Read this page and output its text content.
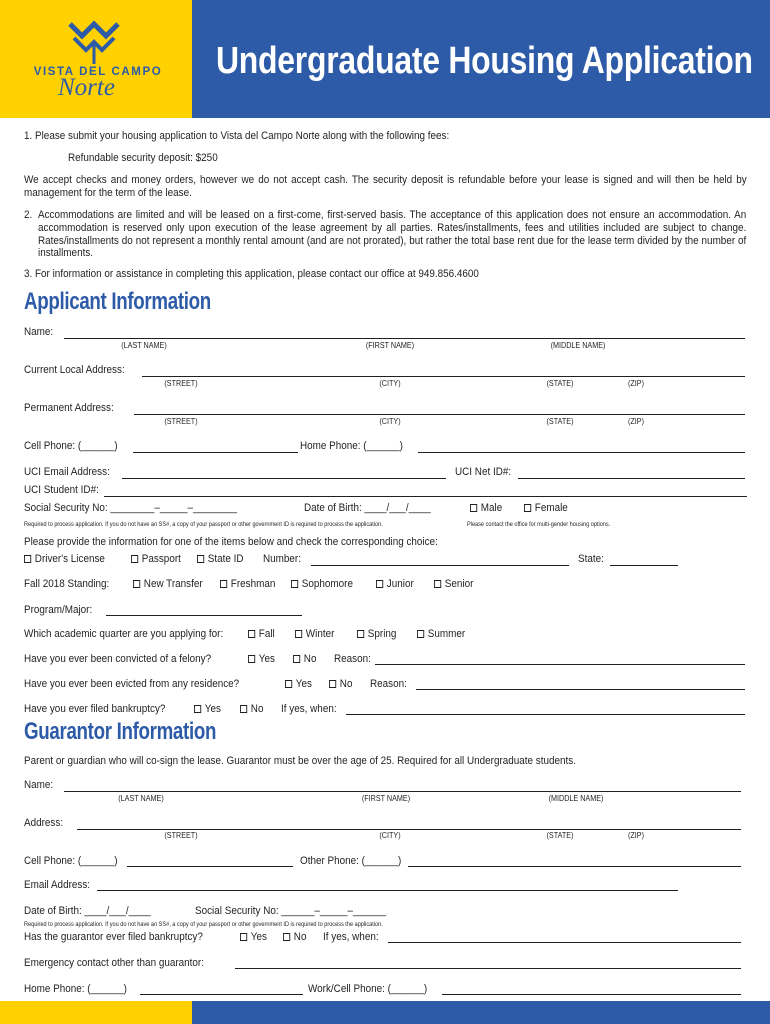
VISTA DEL CAMPO
Norte
Undergraduate Housing Application
1. Please submit your housing application to Vista del Campo Norte along with the following fees:
Refundable security deposit: $250
We accept checks and money orders, however we do not accept cash. The security deposit is refundable before your lease is signed and will then be held by management for the term of the lease.
2. Accommodations are limited and will be leased on a first-come, first-served basis. The acceptance of this application does not ensure an accommodation. An accommodation is reserved only upon execution of the lease agreement by all parties. Rates/installments, fees and utilities included are subject to change. Rates/installments do not represent a monthly rental amount (and are not prorated), but rather the total base rent due for the lease term divided by the number of installments.
3. For information or assistance in completing this application, please contact our office at 949.856.4600
Applicant Information
Name:
(LAST NAME)	(FIRST NAME)	(MIDDLE NAME)
Current Local Address:
(STREET)	(CITY)	(STATE)	(ZIP)
Permanent Address:
(STREET)	(CITY)	(STATE)	(ZIP)
Cell Phone: (______)	Home Phone: (______)
UCI Email Address:	UCI Net ID#:
UCI Student ID#:
Social Security No: ________–_____–________	Date of Birth: ____/___/____	Male	Female
Required to process application. If you do not have an SS#, a copy of your passport or other government ID is required to process the application.	Please contact the office for multi-gender housing options.
Please provide the information for one of the items below and check the corresponding choice:
Driver's License	Passport	State ID Number:	State:
Fall 2018 Standing:	New Transfer	Freshman	Sophomore	Junior	Senior
Program/Major:
Which academic quarter are you applying for:	Fall	Winter	Spring	Summer
Have you ever been convicted of a felony?	Yes	No Reason:
Have you ever been evicted from any residence?	Yes	No Reason:
Have you ever filed bankruptcy?	Yes	No If yes, when:
Guarantor Information
Parent or guardian who will co-sign the lease. Guarantor must be over the age of 25. Required for all Undergraduate students.
Name:
(LAST NAME)	(FIRST NAME)	(MIDDLE NAME)
Address:
(STREET)	(CITY)	(STATE)	(ZIP)
Cell Phone: (______)	Other Phone: (______)
Email Address:
Date of Birth: ____/___/____	Social Security No: ______–_____–______
Required to process application. If you do not have an SS#, a copy of your passport or other government ID is required to process the application.
Has the guarantor ever filed bankruptcy?	Yes	No If yes, when:
Emergency contact other than guarantor:
Home Phone: (______)	Work/Cell Phone: (______)
